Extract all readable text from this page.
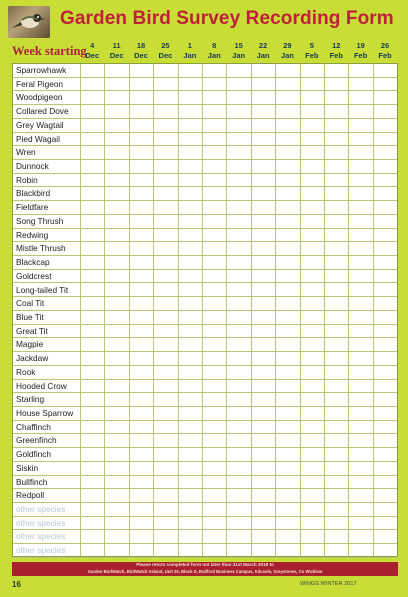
Garden Bird Survey Recording Form
Week starting 4
Dec
11
Dec
18
Dec
25
Dec
1
Jan
8
Jan
15
Jan
22
Jan
29
Jan
5
Feb
12
Feb
19
Feb
26
Feb
Sparrowhawk
Feral Pigeon
Woodpigeon
Collared Dove
Grey Wagtail
Pied Wagail
Wren
Dunnock
Robin
Blackbird
Fieldfare
Song Thrush
Redwing
Mistle Thrush
Blackcap
Goldcrest
Long-tailed Tit
Coal Tit
Blue Tit
Great Tit
Magpie
Jackdaw
Rook
Hooded Crow
Starling
House Sparrow
Chaffinch
Greenfinch
Goldfinch
Siskin
Bullfinch
Redpoll
other species
other species
other species
other species
Please return completed form not later than 31st March 2018 to
Garden BirdWatch, BirdWatch Ireland, Unit 20, Block D, Bullford Business Campus, Kilcoole, Greystones, Co Wicklow
16	WINGS WINTER 2017
